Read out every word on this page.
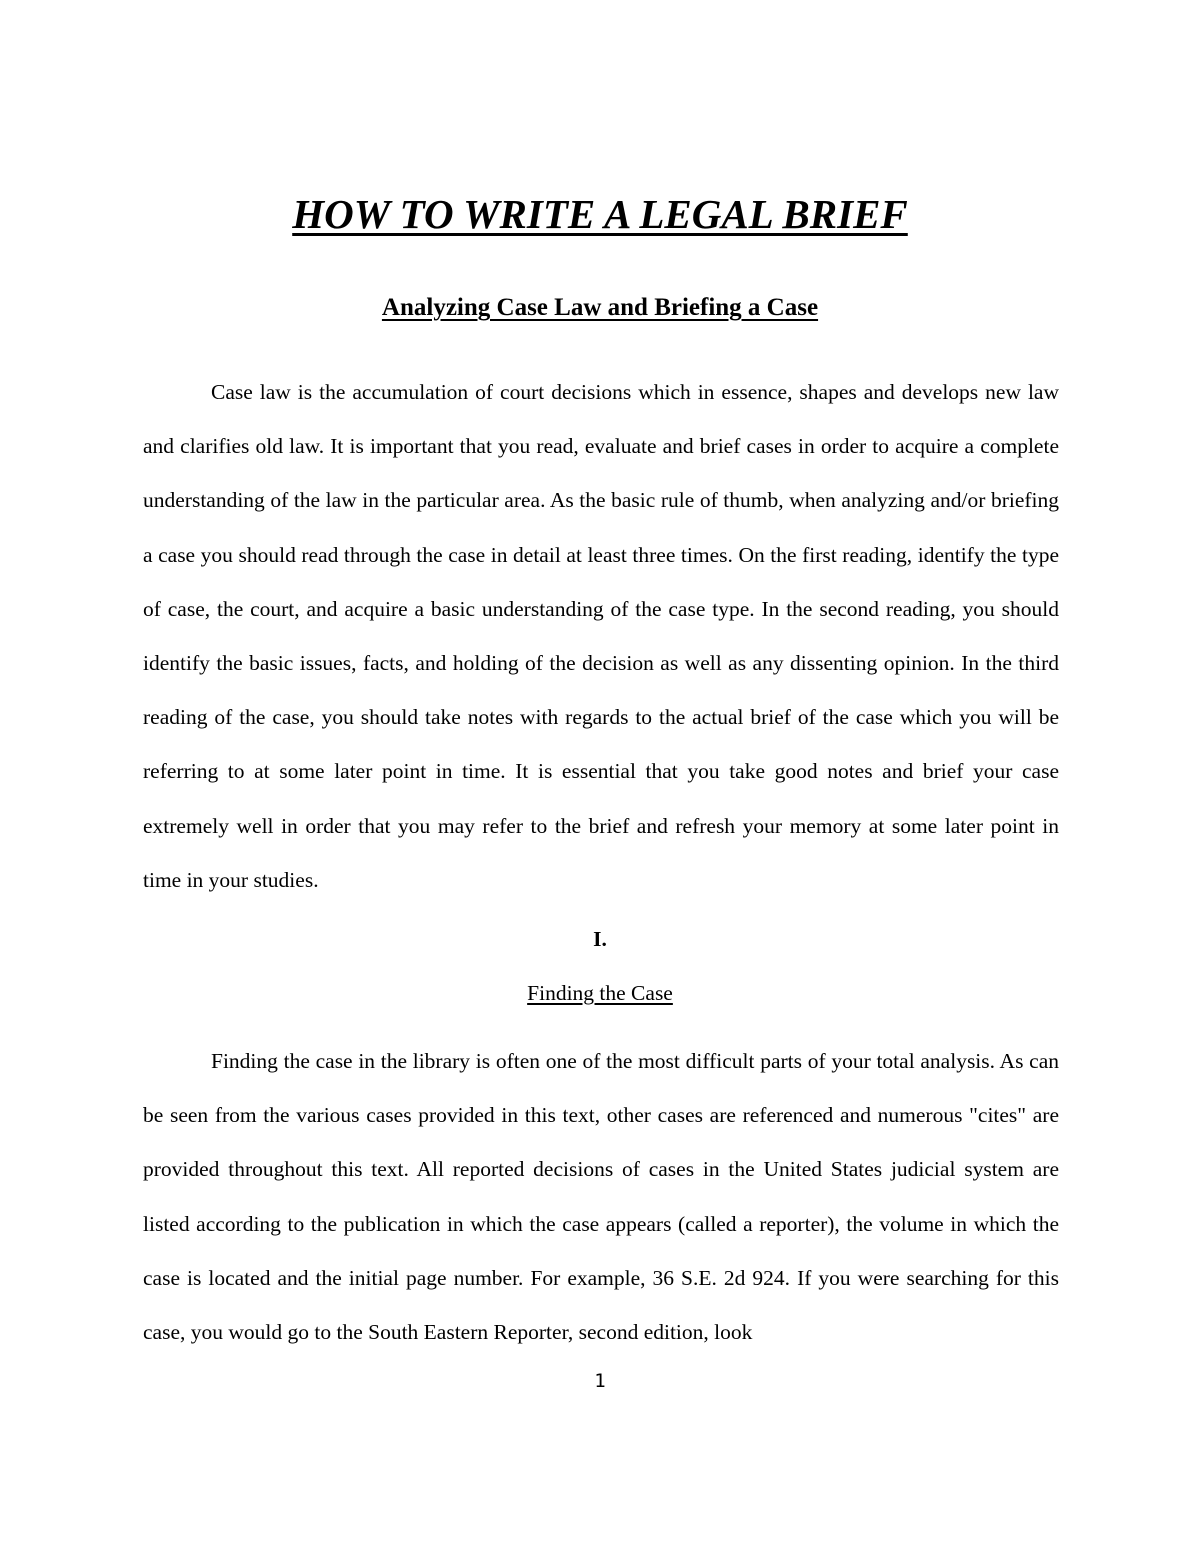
HOW TO WRITE A LEGAL BRIEF
Analyzing Case Law and Briefing a Case

Case law is the accumulation of court decisions which in essence, shapes and develops new law and clarifies old law. It is important that you read, evaluate and brief cases in order to acquire a complete understanding of the law in the particular area. As the basic rule of thumb, when analyzing and/or briefing a case you should read through the case in detail at least three times. On the first reading, identify the type of case, the court, and acquire a basic understanding of the case type. In the second reading, you should identify the basic issues, facts, and holding of the decision as well as any dissenting opinion. In the third reading of the case, you should take notes with regards to the actual brief of the case which you will be referring to at some later point in time. It is essential that you take good notes and brief your case extremely well in order that you may refer to the brief and refresh your memory at some later point in time in your studies.

I.
Finding the Case

Finding the case in the library is often one of the most difficult parts of your total analysis. As can be seen from the various cases provided in this text, other cases are referenced and numerous "cites" are provided throughout this text. All reported decisions of cases in the United States judicial system are listed according to the publication in which the case appears (called a reporter), the volume in which the case is located and the initial page number. For example, 36 S.E. 2d 924. If you were searching for this case, you would go to the South Eastern Reporter, second edition, look

1
